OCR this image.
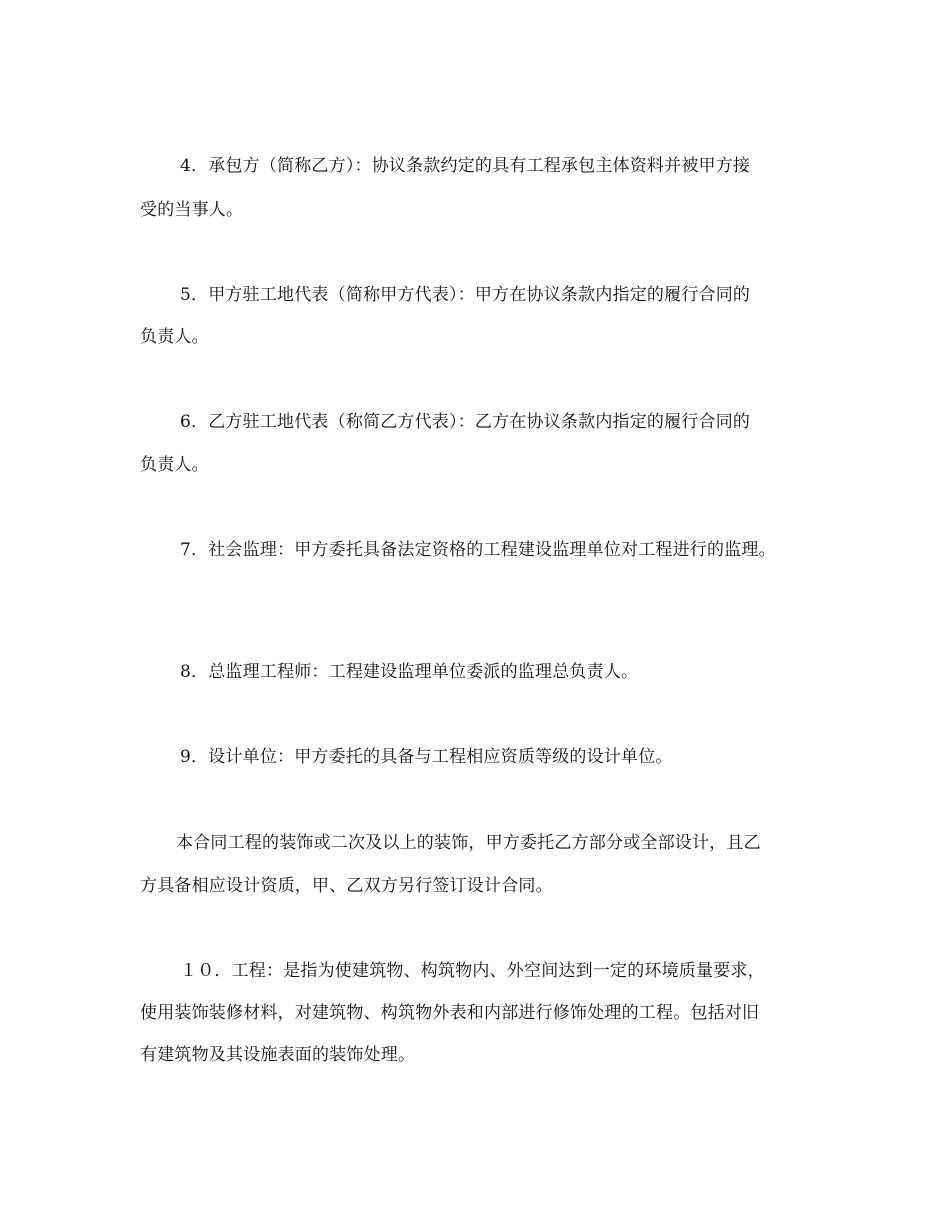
4．承包方（简称乙方）：协议条款约定的具有工程承包主体资料并被甲方接
受的当事人。
5．甲方驻工地代表（简称甲方代表）：甲方在协议条款内指定的履行合同的
负责人。
6．乙方驻工地代表（称简乙方代表）：乙方在协议条款内指定的履行合同的
负责人。
7．社会监理：甲方委托具备法定资格的工程建设监理单位对工程进行的监理。
8．总监理工程师：工程建设监理单位委派的监理总负责人。
9．设计单位：甲方委托的具备与工程相应资质等级的设计单位。
本合同工程的装饰或二次及以上的装饰，甲方委托乙方部分或全部设计，且乙
方具备相应设计资质，甲、乙双方另行签订设计合同。
１０．工程：是指为使建筑物、构筑物内、外空间达到一定的环境质量要求，
使用装饰装修材料，对建筑物、构筑物外表和内部进行修饰处理的工程。包括对旧
有建筑物及其设施表面的装饰处理。
